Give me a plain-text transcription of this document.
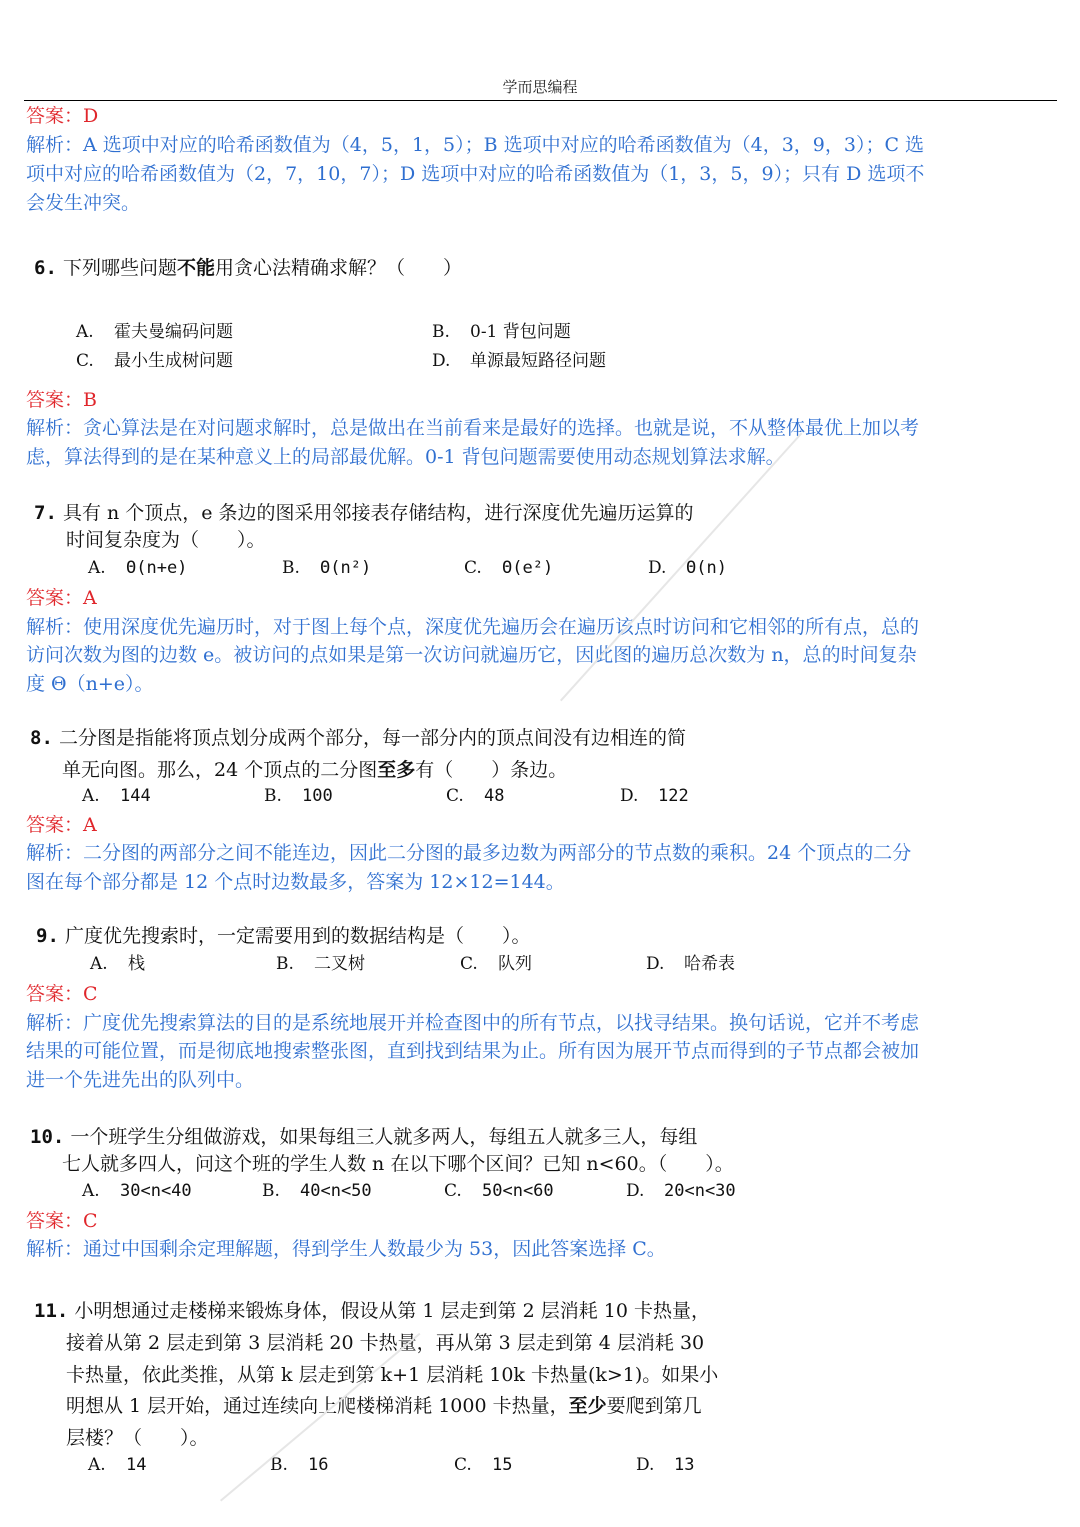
学而思编程
答案：D
解析：A 选项中对应的哈希函数值为（4，5，1，5）；B 选项中对应的哈希函数值为（4，3，9，3）；C 选
项中对应的哈希函数值为（2，7，10，7）；D 选项中对应的哈希函数值为（1，3，5，9）；只有 D 选项不
会发生冲突。
6. 下列哪些问题不能用贪心法精确求解？（　　）
A. 霍夫曼编码问题	B. 0-1 背包问题
C. 最小生成树问题	D. 单源最短路径问题
答案：B
解析：贪心算法是在对问题求解时，总是做出在当前看来是最好的选择。也就是说，不从整体最优上加以考
虑，算法得到的是在某种意义上的局部最优解。0-1 背包问题需要使用动态规划算法求解。
7. 具有 n 个顶点，e 条边的图采用邻接表存储结构，进行深度优先遍历运算的
时间复杂度为（　　）。
A. Θ(n+e)	B. Θ(n²)	C. Θ(e²)	D. Θ(n)
答案：A
解析：使用深度优先遍历时，对于图上每个点，深度优先遍历会在遍历该点时访问和它相邻的所有点，总的
访问次数为图的边数 e。被访问的点如果是第一次访问就遍历它，因此图的遍历总次数为 n，总的时间复杂
度 Θ（n+e）。
8. 二分图是指能将顶点划分成两个部分，每一部分内的顶点间没有边相连的简
单无向图。那么，24 个顶点的二分图至多有（　　）条边。
A. 144	B. 100	C. 48	D. 122
答案：A
解析：二分图的两部分之间不能连边，因此二分图的最多边数为两部分的节点数的乘积。24 个顶点的二分
图在每个部分都是 12 个点时边数最多，答案为 12×12=144。
9. 广度优先搜索时，一定需要用到的数据结构是（　　）。
A. 栈	B. 二叉树	C. 队列	D. 哈希表
答案：C
解析：广度优先搜索算法的目的是系统地展开并检查图中的所有节点，以找寻结果。换句话说，它并不考虑
结果的可能位置，而是彻底地搜索整张图，直到找到结果为止。所有因为展开节点而得到的子节点都会被加
进一个先进先出的队列中。
10. 一个班学生分组做游戏，如果每组三人就多两人，每组五人就多三人，每组
七人就多四人，问这个班的学生人数 n 在以下哪个区间？已知 n<60。（　　）。
A. 30<n<40	B. 40<n<50	C. 50<n<60	D. 20<n<30
答案：C
解析：通过中国剩余定理解题，得到学生人数最少为 53，因此答案选择 C。
11. 小明想通过走楼梯来锻炼身体，假设从第 1 层走到第 2 层消耗 10 卡热量，
接着从第 2 层走到第 3 层消耗 20 卡热量，再从第 3 层走到第 4 层消耗 30
卡热量，依此类推，从第 k 层走到第 k+1 层消耗 10k 卡热量(k>1)。如果小
明想从 1 层开始，通过连续向上爬楼梯消耗 1000 卡热量，至少要爬到第几
层楼？（　　）。
A. 14	B. 16	C. 15	D. 13
